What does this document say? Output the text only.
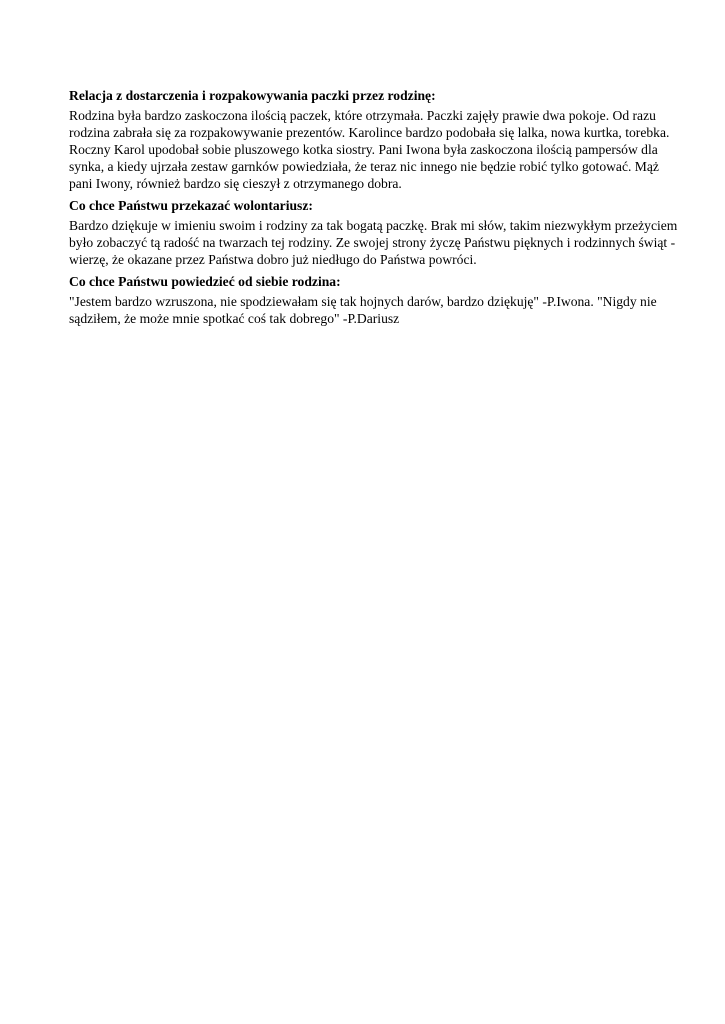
Relacja z dostarczenia i rozpakowywania paczki przez rodzinę:
Rodzina była bardzo zaskoczona ilością paczek, które otrzymała. Paczki zajęły prawie dwa pokoje. Od razu
rodzina zabrała się za rozpakowywanie prezentów. Karolince bardzo podobała się lalka, nowa kurtka, torebka.
Roczny Karol upodobał sobie pluszowego kotka siostry. Pani Iwona była zaskoczona ilością pampersów dla
synka, a kiedy ujrzała zestaw garnków powiedziała, że teraz nic innego nie będzie robić tylko gotować. Mąż
pani Iwony, również bardzo się cieszył z otrzymanego dobra.
Co chce Państwu przekazać wolontariusz:
Bardzo dziękuje w imieniu swoim i rodziny za tak bogatą paczkę. Brak mi słów, takim niezwykłym przeżyciem
było zobaczyć tą radość na twarzach tej rodziny. Ze swojej strony życzę Państwu pięknych i rodzinnych świąt -
wierzę, że okazane przez Państwa dobro już niedługo do Państwa powróci.
Co chce Państwu powiedzieć od siebie rodzina:
"Jestem bardzo wzruszona, nie spodziewałam się tak hojnych darów, bardzo dziękuję" -P.Iwona. "Nigdy nie
sądziłem, że może mnie spotkać coś tak dobrego" -P.Dariusz
